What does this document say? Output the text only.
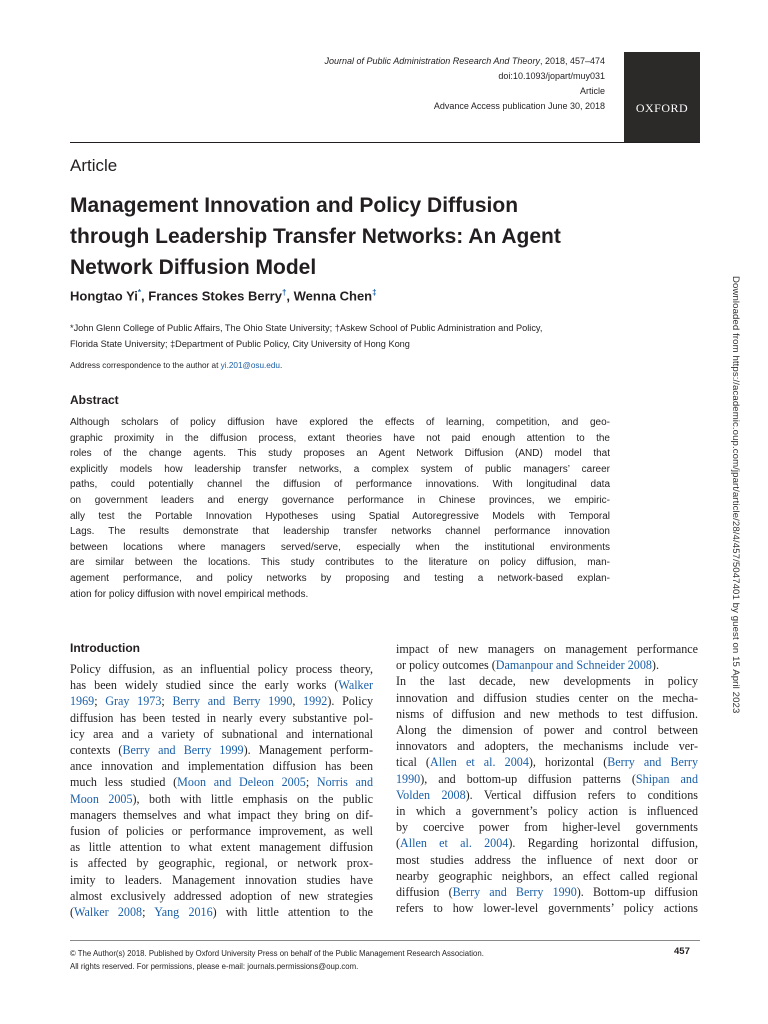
Journal of Public Administration Research And Theory, 2018, 457–474
doi:10.1093/jopart/muy031
Article
Advance Access publication June 30, 2018	OXFORD
Article
Management Innovation and Policy Diffusion
through Leadership Transfer Networks: An Agent
Network Diffusion Model
Hongtao Yi*, Frances Stokes Berry†, Wenna Chen‡
*John Glenn College of Public Affairs, The Ohio State University; †Askew School of Public Administration and Policy,
Florida State University; ‡Department of Public Policy, City University of Hong Kong
Address correspondence to the author at yi.201@osu.edu.
Abstract
Although scholars of policy diffusion have explored the effects of learning, competition, and geo-
graphic proximity in the diffusion process, extant theories have not paid enough attention to the
roles of the change agents. This study proposes an Agent Network Diffusion (AND) model that
explicitly models how leadership transfer networks, a complex system of public managers’ career
paths, could potentially channel the diffusion of performance innovations. With longitudinal data
on government leaders and energy governance performance in Chinese provinces, we empiric-
ally test the Portable Innovation Hypotheses using Spatial Autoregressive Models with Temporal
Lags. The results demonstrate that leadership transfer networks channel performance innovation
between locations where managers served/serve, especially when the institutional environments
are similar between the locations. This study contributes to the literature on policy diffusion, man-
agement performance, and policy networks by proposing and testing a network-based explan-
ation for policy diffusion with novel empirical methods.
Introduction
Policy diffusion, as an influential policy process theory,
has been widely studied since the early works (Walker
1969; Gray 1973; Berry and Berry 1990, 1992). Policy
diffusion has been tested in nearly every substantive pol-
icy area and a variety of subnational and international
contexts (Berry and Berry 1999). Management perform-
ance innovation and implementation diffusion has been
much less studied (Moon and Deleon 2005; Norris and
Moon 2005), both with little emphasis on the public
managers themselves and what impact they bring on dif-
fusion of policies or performance improvement, as well
as little attention to what extent management diffusion
is affected by geographic, regional, or network prox-
imity to leaders. Management innovation studies have
almost exclusively addressed adoption of new strategies
(Walker 2008; Yang 2016) with little attention to the
impact of new managers on management performance
or policy outcomes (Damanpour and Schneider 2008).
In the last decade, new developments in policy
innovation and diffusion studies center on the mecha-
nisms of diffusion and new methods to test diffusion.
Along the dimension of power and control between
innovators and adopters, the mechanisms include ver-
tical (Allen et al. 2004), horizontal (Berry and Berry
1990), and bottom-up diffusion patterns (Shipan and
Volden 2008). Vertical diffusion refers to conditions
in which a government’s policy action is influenced
by coercive power from higher-level governments
(Allen et al. 2004). Regarding horizontal diffusion,
most studies address the influence of next door or
nearby geographic neighbors, an effect called regional
diffusion (Berry and Berry 1990). Bottom-up diffusion
refers to how lower-level governments’ policy actions
© The Author(s) 2018. Published by Oxford University Press on behalf of the Public Management Research Association.
All rights reserved. For permissions, please e-mail: journals.permissions@oup.com.
457
Downloaded from https://academic.oup.com/jpart/article/28/4/457/5047401 by guest on 15 April 2023
